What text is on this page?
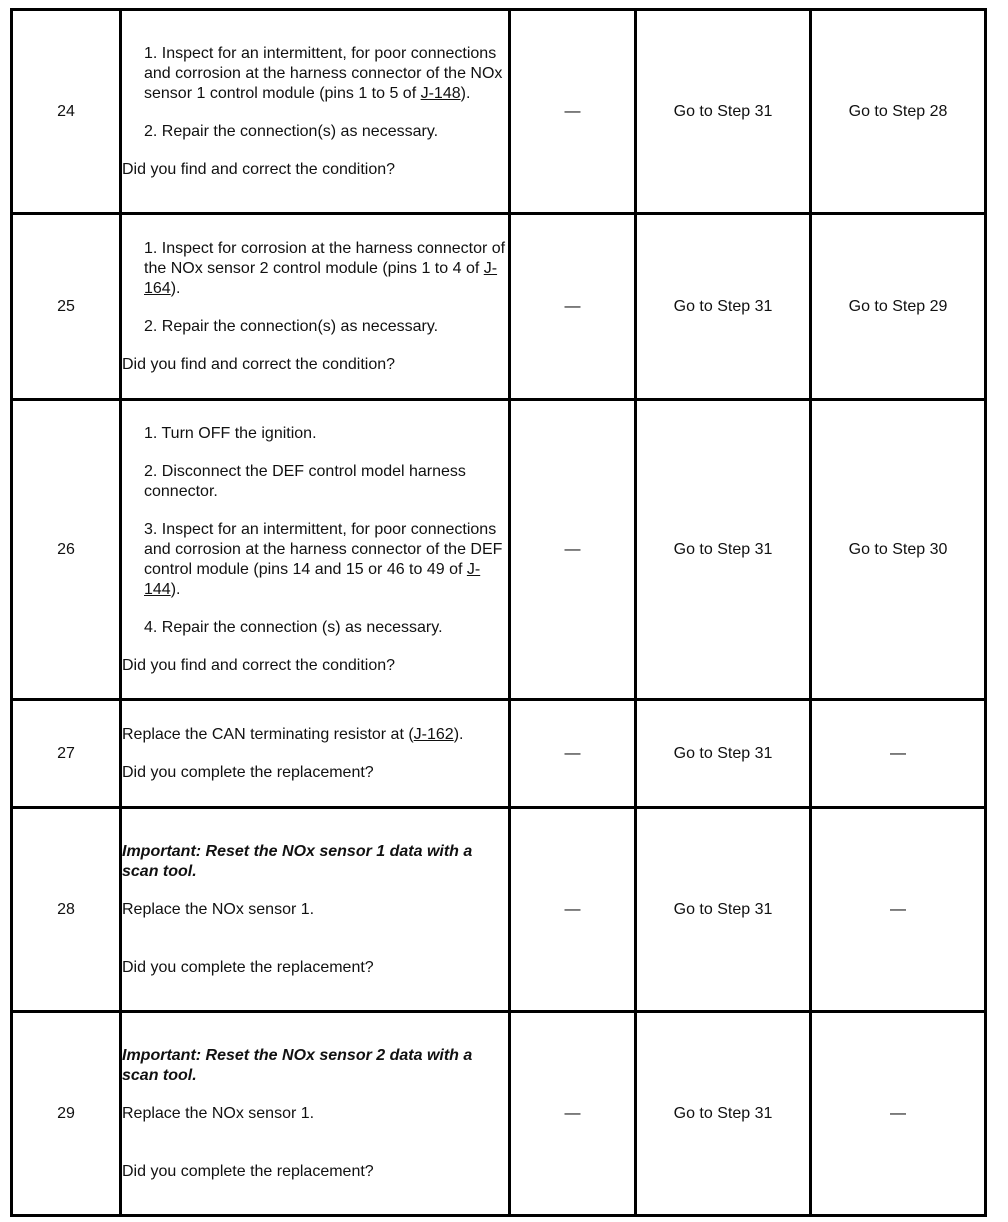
24	1. Inspect for an intermittent, for poor connections and corrosion at the harness connector of the NOx sensor 1 control module (pins 1 to 5 of J-148).

2. Repair the connection(s) as necessary.

Did you find and correct the condition?	—	Go to Step 31	Go to Step 28
25	1. Inspect for corrosion at the harness connector of the NOx sensor 2 control module (pins 1 to 4 of J-164).

2. Repair the connection(s) as necessary.

Did you find and correct the condition?	—	Go to Step 31	Go to Step 29
26	1. Turn OFF the ignition.

2. Disconnect the DEF control model harness connector.

3. Inspect for an intermittent, for poor connections and corrosion at the harness connector of the DEF control module (pins 14 and 15 or 46 to 49 of J-144).

4. Repair the connection (s) as necessary.

Did you find and correct the condition?	—	Go to Step 31	Go to Step 30
27	Replace the CAN terminating resistor at (J-162).

Did you complete the replacement?	—	Go to Step 31	—
28	Important: Reset the NOx sensor 1 data with a scan tool.

Replace the NOx sensor 1.

Did you complete the replacement?	—	Go to Step 31	—
29	Important: Reset the NOx sensor 2 data with a scan tool.

Replace the NOx sensor 1.

Did you complete the replacement?	—	Go to Step 31	—
